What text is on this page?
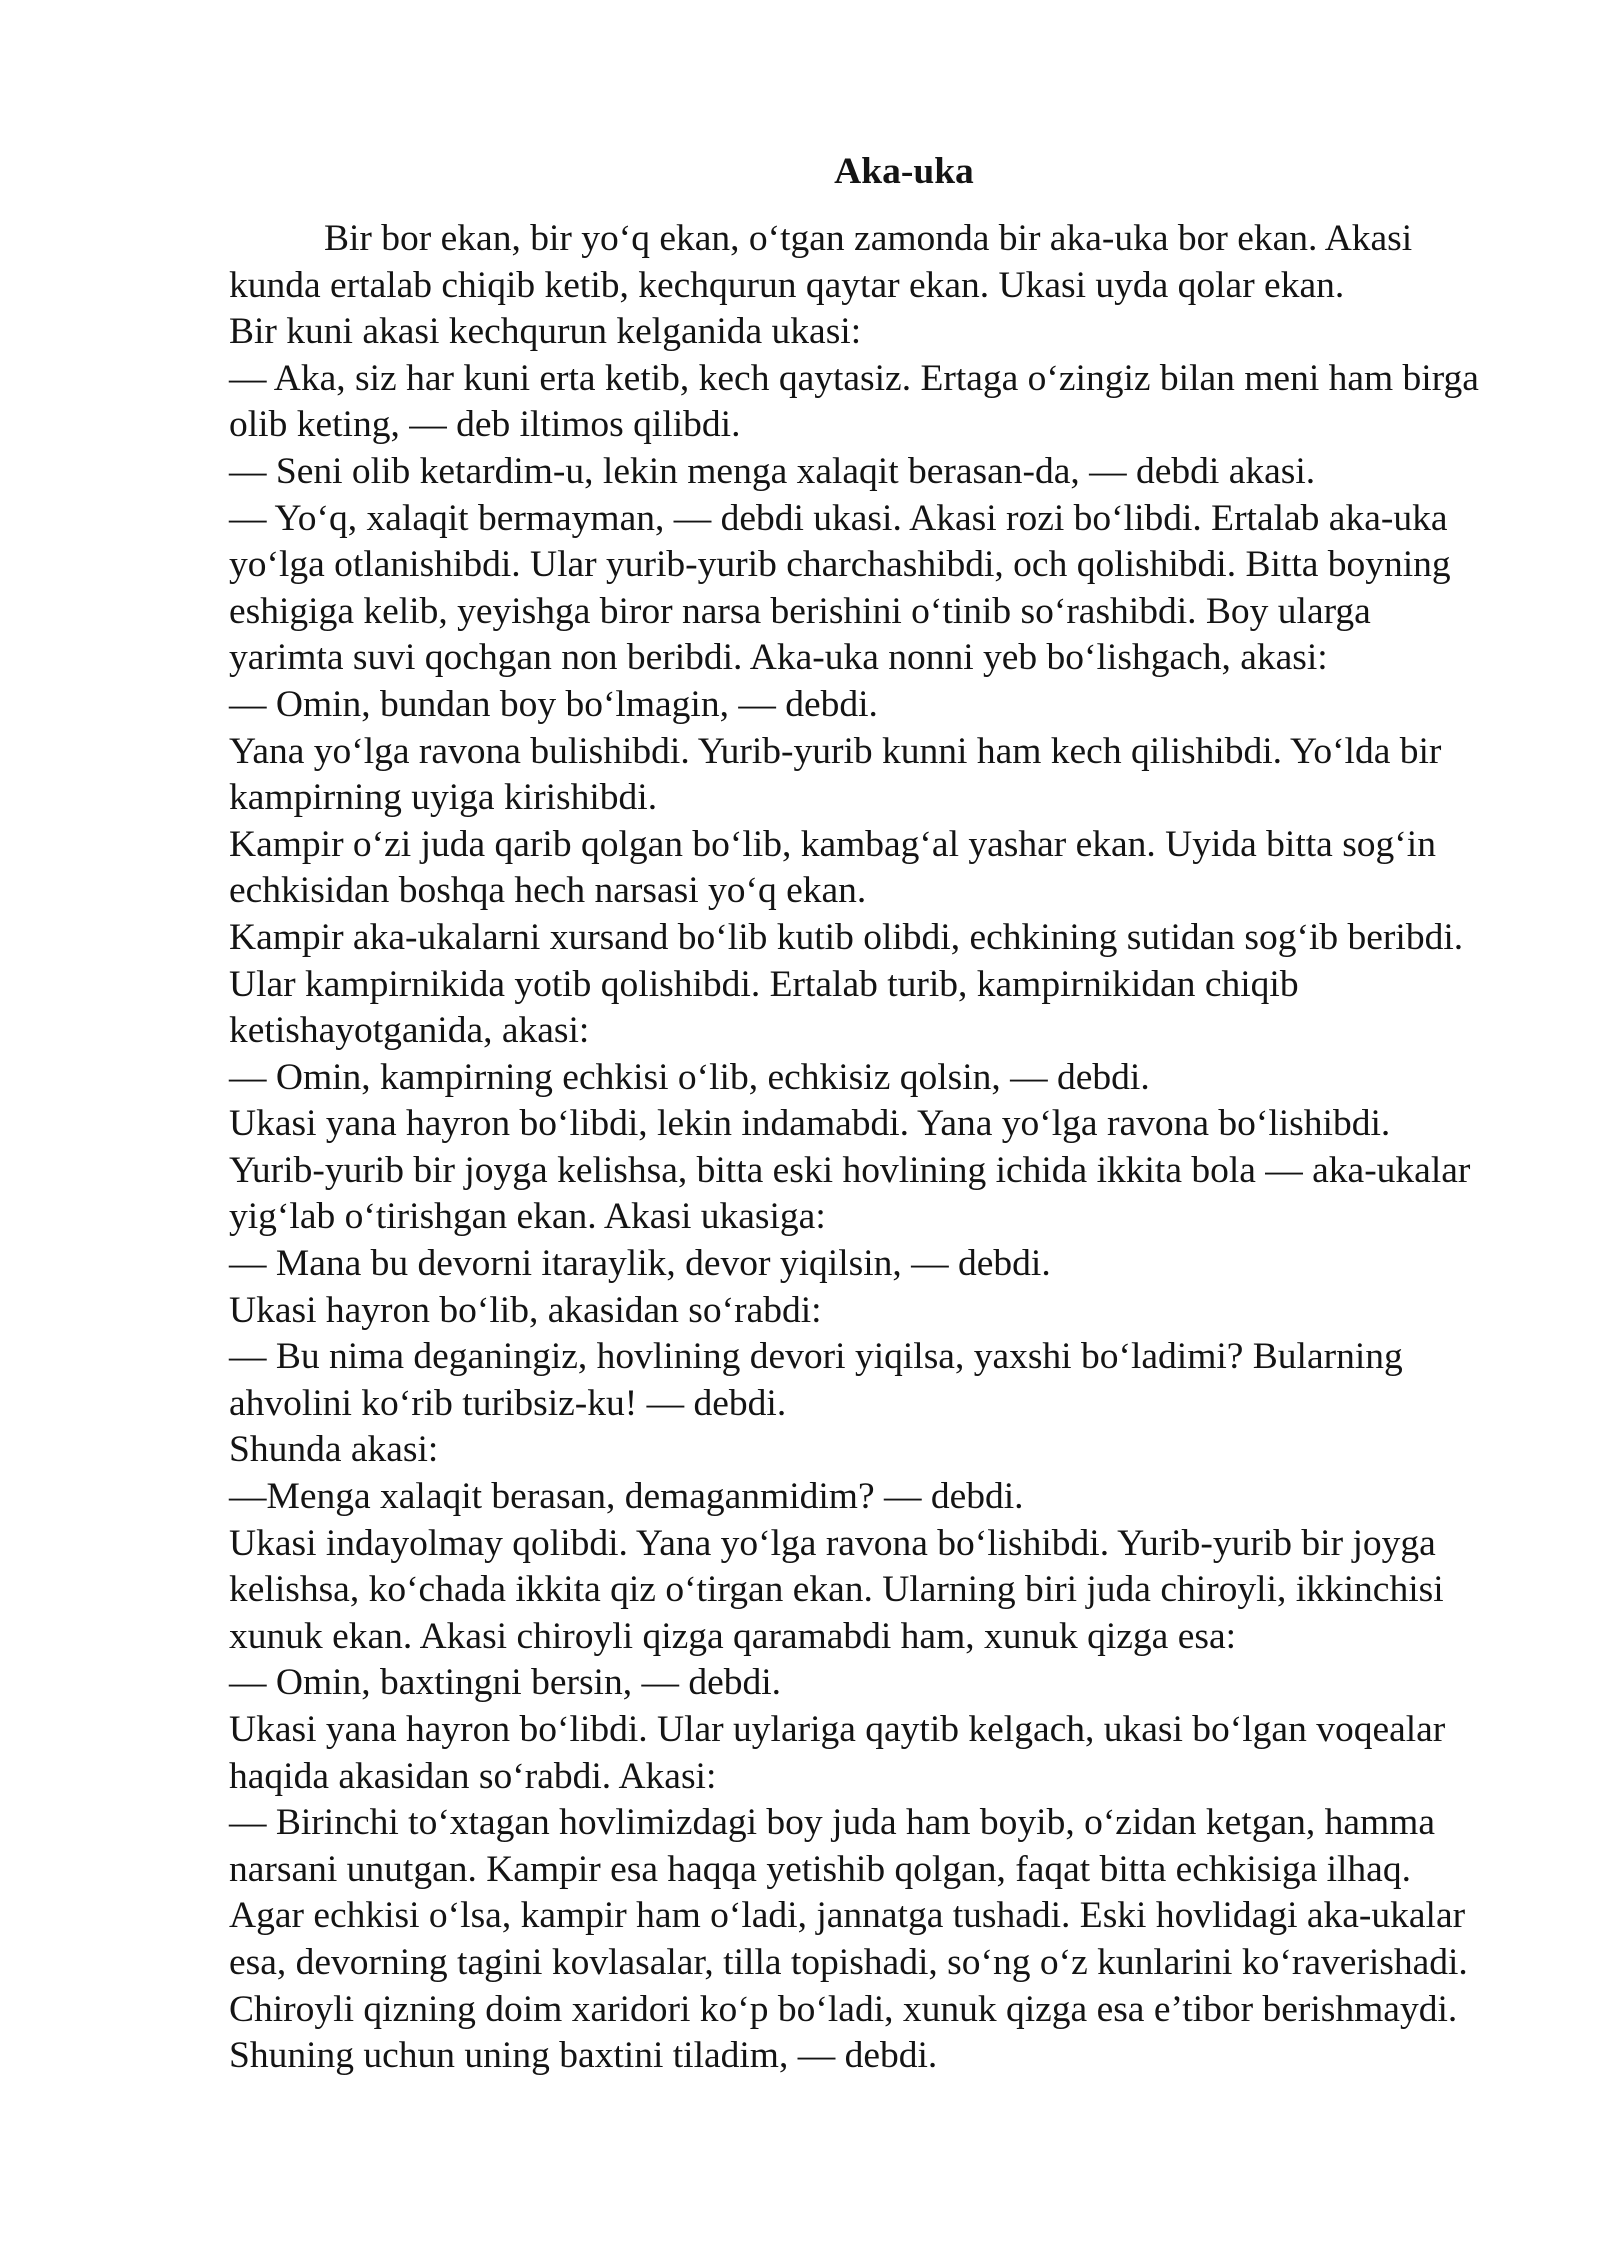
Aka-uka
Bir bor ekan, bir yo‘q ekan, o‘tgan zamonda bir aka-uka bor ekan. Akasi
kunda ertalab chiqib ketib, kechqurun qaytar ekan. Ukasi uyda qolar ekan.
Bir kuni akasi kechqurun kelganida ukasi:
— Aka, siz har kuni erta ketib, kech qaytasiz. Ertaga o‘zingiz bilan meni ham birga
olib keting, — deb iltimos qilibdi.
— Seni olib ketardim-u, lekin menga xalaqit berasan-da, — debdi akasi.
— Yo‘q, xalaqit bermayman, — debdi ukasi. Akasi rozi bo‘libdi. Ertalab aka-uka
yo‘lga otlanishibdi. Ular yurib-yurib charchashibdi, och qolishibdi. Bitta boyning
eshigiga kelib, yeyishga biror narsa berishini o‘tinib so‘rashibdi. Boy ularga
yarimta suvi qochgan non beribdi. Aka-uka nonni yeb bo‘lishgach, akasi:
— Omin, bundan boy bo‘lmagin, — debdi.
Yana yo‘lga ravona bulishibdi. Yurib-yurib kunni ham kech qilishibdi. Yo‘lda bir
kampirning uyiga kirishibdi.
Kampir o‘zi juda qarib qolgan bo‘lib, kambag‘al yashar ekan. Uyida bitta sog‘in
echkisidan boshqa hech narsasi yo‘q ekan.
Kampir aka-ukalarni xursand bo‘lib kutib olibdi, echkining sutidan sog‘ib beribdi.
Ular kampirnikida yotib qolishibdi. Ertalab turib, kampirnikidan chiqib
ketishayotganida, akasi:
— Omin, kampirning echkisi o‘lib, echkisiz qolsin, — debdi.
Ukasi yana hayron bo‘libdi, lekin indamabdi. Yana yo‘lga ravona bo‘lishibdi.
Yurib-yurib bir joyga kelishsa, bitta eski hovlining ichida ikkita bola — aka-ukalar
yig‘lab o‘tirishgan ekan. Akasi ukasiga:
— Mana bu devorni itaraylik, devor yiqilsin, — debdi.
Ukasi hayron bo‘lib, akasidan so‘rabdi:
— Bu nima deganingiz, hovlining devori yiqilsa, yaxshi bo‘ladimi? Bularning
ahvolini ko‘rib turibsiz-ku! — debdi.
Shunda akasi:
—Menga xalaqit berasan, demaganmidim? — debdi.
Ukasi indayolmay qolibdi. Yana yo‘lga ravona bo‘lishibdi. Yurib-yurib bir joyga
kelishsa, ko‘chada ikkita qiz o‘tirgan ekan. Ularning biri juda chiroyli, ikkinchisi
xunuk ekan. Akasi chiroyli qizga qaramabdi ham, xunuk qizga esa:
— Omin, baxtingni bersin, — debdi.
Ukasi yana hayron bo‘libdi. Ular uylariga qaytib kelgach, ukasi bo‘lgan voqealar
haqida akasidan so‘rabdi. Akasi:
— Birinchi to‘xtagan hovlimizdagi boy juda ham boyib, o‘zidan ketgan, hamma
narsani unutgan. Kampir esa haqqa yetishib qolgan, faqat bitta echkisiga ilhaq.
Agar echkisi o‘lsa, kampir ham o‘ladi, jannatga tushadi. Eski hovlidagi aka-ukalar
esa, devorning tagini kovlasalar, tilla topishadi, so‘ng o‘z kunlarini ko‘raverishadi.
Chiroyli qizning doim xaridori ko‘p bo‘ladi, xunuk qizga esa e’tibor berishmaydi.
Shuning uchun uning baxtini tiladim, — debdi.
